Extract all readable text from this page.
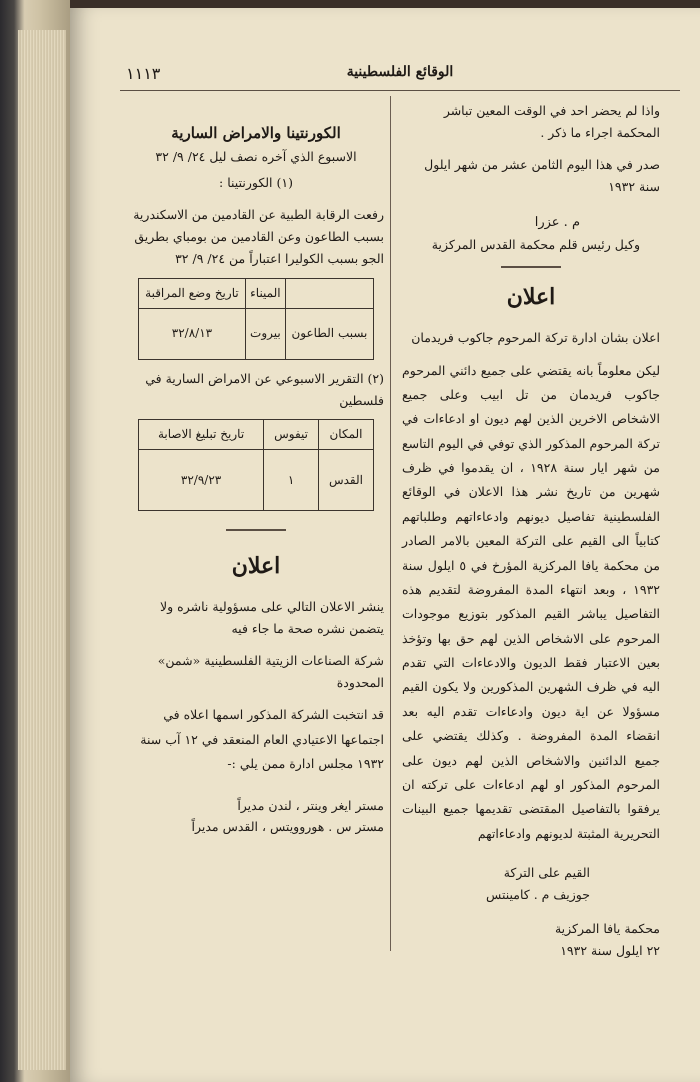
١١١٣	الوقائع الفلسطينية

واذا لم يحضر احد في الوقت المعين تباشر المحكمة اجراء ما ذكر .

صدر في هذا اليوم الثامن عشر من شهر ايلول سنة ١٩٣٢

م . عزرا

وكيل رئيس قلم محكمة القدس المركزية

اعلان

اعلان بشان ادارة تركة المرحوم جاكوب فريدمان

ليكن معلوماً بانه يقتضي على جميع دائني المرحوم جاكوب فريدمان من تل ابيب وعلى جميع الاشخاص الاخرين الذين لهم ديون او ادعاءات في تركة المرحوم المذكور الذي توفي في اليوم التاسع من شهر ايار سنة ١٩٢٨ ، ان يقدموا في ظرف شهرين من تاريخ نشر هذا الاعلان في الوقائع الفلسطينية تفاصيل ديونهم وادعاءاتهم وطلباتهم كتابياً الى القيم على التركة المعين بالامر الصادر من محكمة يافا المركزية المؤرخ في ٥ ايلول سنة ١٩٣٢ ، وبعد انتهاء المدة المفروضة لتقديم هذه التفاصيل يباشر القيم المذكور بتوزيع موجودات المرحوم على الاشخاص الذين لهم حق بها وتؤخذ بعين الاعتبار فقط الديون والادعاءات التي تقدم اليه في ظرف الشهرين المذكورين ولا يكون القيم مسؤولا عن اية ديون وادعاءات تقدم اليه بعد انقضاء المدة المفروضة . وكذلك يقتضي على جميع الدائنين والاشخاص الذين لهم ديون على المرحوم المذكور او لهم ادعاءات على تركته ان يرفقوا بالتفاصيل المقتضى تقديمها جميع البينات التحريرية المثبتة لديونهم وادعاءاتهم

القيم على التركة

جوزيف م . كامينتس

محكمة يافا المركزية

٢٢ ايلول سنة ١٩٣٢

الكورنتينا والامراض السارية
الاسبوع الذي آخره نصف ليل ٢٤/ ٩/ ٣٢
(١) الكورنتينا :

رفعت الرقابة الطبية عن القادمين من الاسكندرية بسبب الطاعون وعن القادمين من بومباي بطريق الجو بسبب الكوليرا اعتباراً من ٢٤/ ٩/ ٣٢

	الميناء	تاريخ وضع المراقبة
بسبب الطاعون	بيروت	٣٢/٨/١٣

(٢) التقرير الاسبوعي عن الامراض السارية في فلسطين

المكان	تيفوس	تاريخ تبليغ الاصابة
القدس	١	٣٢/٩/٢٣
اعلان

ينشر الاعلان التالي على مسؤولية ناشره ولا يتضمن نشره صحة ما جاء فيه

شركة الصناعات الزيتية الفلسطينية «شمن» المحدودة

قد انتخبت الشركة المذكور اسمها اعلاه في اجتماعها الاعتيادي العام المنعقد في ١٢ آب سنة ١٩٣٢ مجلس ادارة ممن يلي :-

مستر ايغر وينتر ، لندن مديراً

مستر س . هوروويتس ، القدس مديراً
